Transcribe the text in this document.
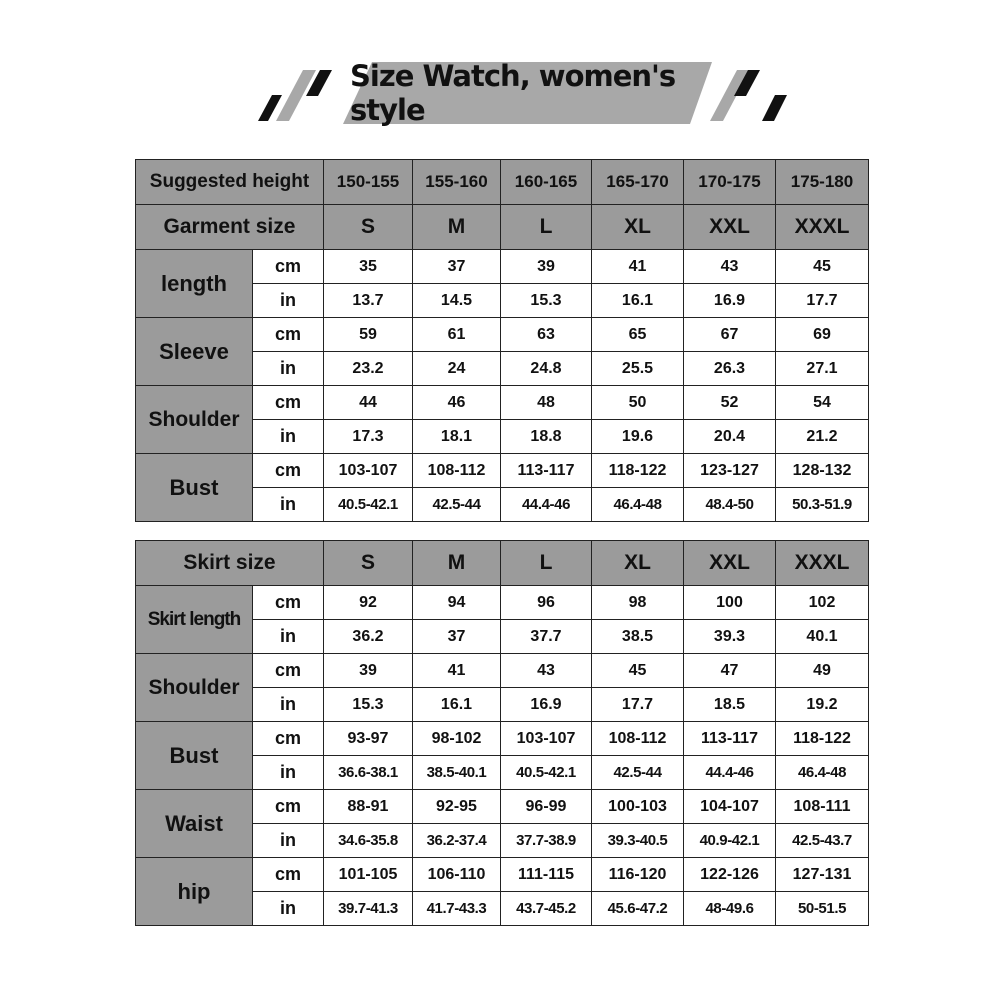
Size Watch, women's style
Suggested height		150-155	155-160	160-165	165-170	170-175	175-180
Garment size		S	M	L	XL	XXL	XXXL
length	cm	35	37	39	41	43	45
	in	13.7	14.5	15.3	16.1	16.9	17.7
Sleeve	cm	59	61	63	65	67	69
	in	23.2	24	24.8	25.5	26.3	27.1
Shoulder	cm	44	46	48	50	52	54
	in	17.3	18.1	18.8	19.6	20.4	21.2
Bust	cm	103-107	108-112	113-117	118-122	123-127	128-132
	in	40.5-42.1	42.5-44	44.4-46	46.4-48	48.4-50	50.3-51.9
Skirt size		S	M	L	XL	XXL	XXXL
Skirt length	cm	92	94	96	98	100	102
	in	36.2	37	37.7	38.5	39.3	40.1
Shoulder	cm	39	41	43	45	47	49
	in	15.3	16.1	16.9	17.7	18.5	19.2
Bust	cm	93-97	98-102	103-107	108-112	113-117	118-122
	in	36.6-38.1	38.5-40.1	40.5-42.1	42.5-44	44.4-46	46.4-48
Waist	cm	88-91	92-95	96-99	100-103	104-107	108-111
	in	34.6-35.8	36.2-37.4	37.7-38.9	39.3-40.5	40.9-42.1	42.5-43.7
hip	cm	101-105	106-110	111-115	116-120	122-126	127-131
	in	39.7-41.3	41.7-43.3	43.7-45.2	45.6-47.2	48-49.6	50-51.5
